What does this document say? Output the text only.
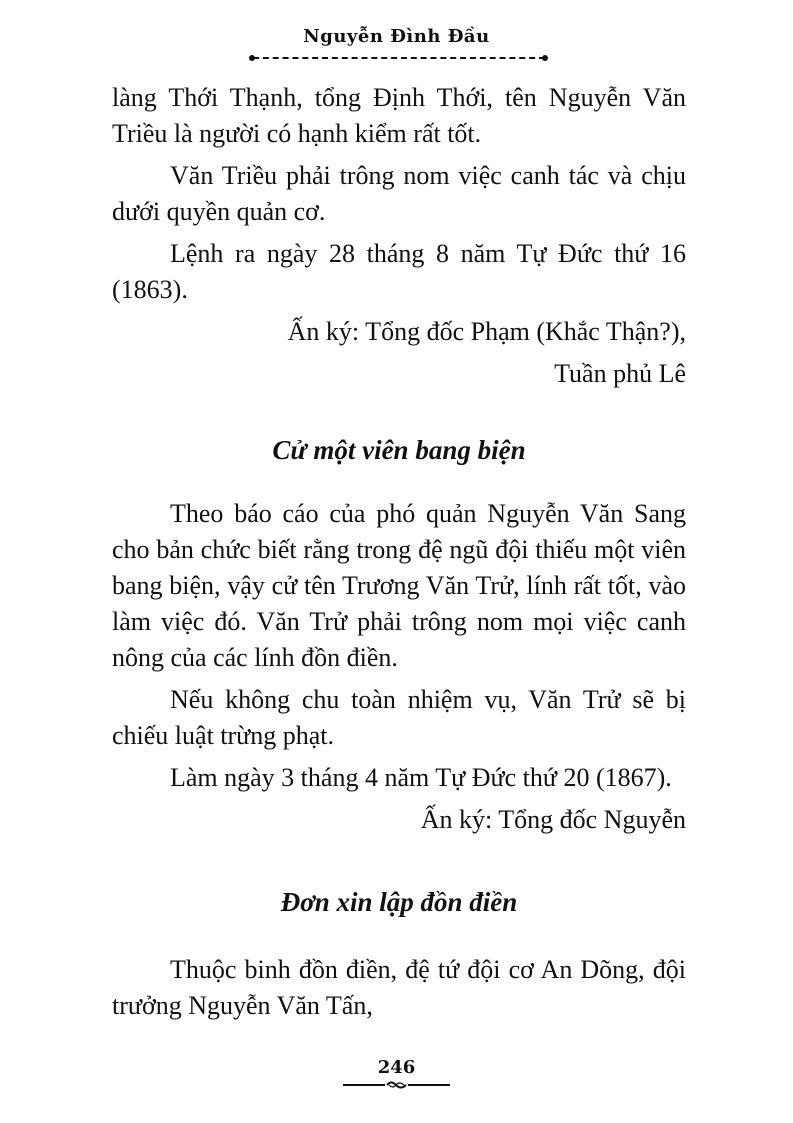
Nguyễn Đình Đầu

làng Thới Thạnh, tổng Định Thới, tên Nguyễn Văn Triều là người có hạnh kiểm rất tốt.

Văn Triều phải trông nom việc canh tác và chịu dưới quyền quản cơ.

Lệnh ra ngày 28 tháng 8 năm Tự Đức thứ 16 (1863).

Ấn ký: Tổng đốc Phạm (Khắc Thận?),

Tuần phủ Lê

Cử một viên bang biện

Theo báo cáo của phó quản Nguyễn Văn Sang cho bản chức biết rằng trong đệ ngũ đội thiếu một viên bang biện, vậy cử tên Trương Văn Trử, lính rất tốt, vào làm việc đó. Văn Trử phải trông nom mọi việc canh nông của các lính đồn điền.

Nếu không chu toàn nhiệm vụ, Văn Trử sẽ bị chiếu luật trừng phạt.

Làm ngày 3 tháng 4 năm Tự Đức thứ 20 (1867).

Ấn ký: Tổng đốc Nguyễn

Đơn xin lập đồn điền

Thuộc binh đồn điền, đệ tứ đội cơ An Dõng, đội trưởng Nguyễn Văn Tấn,

246
